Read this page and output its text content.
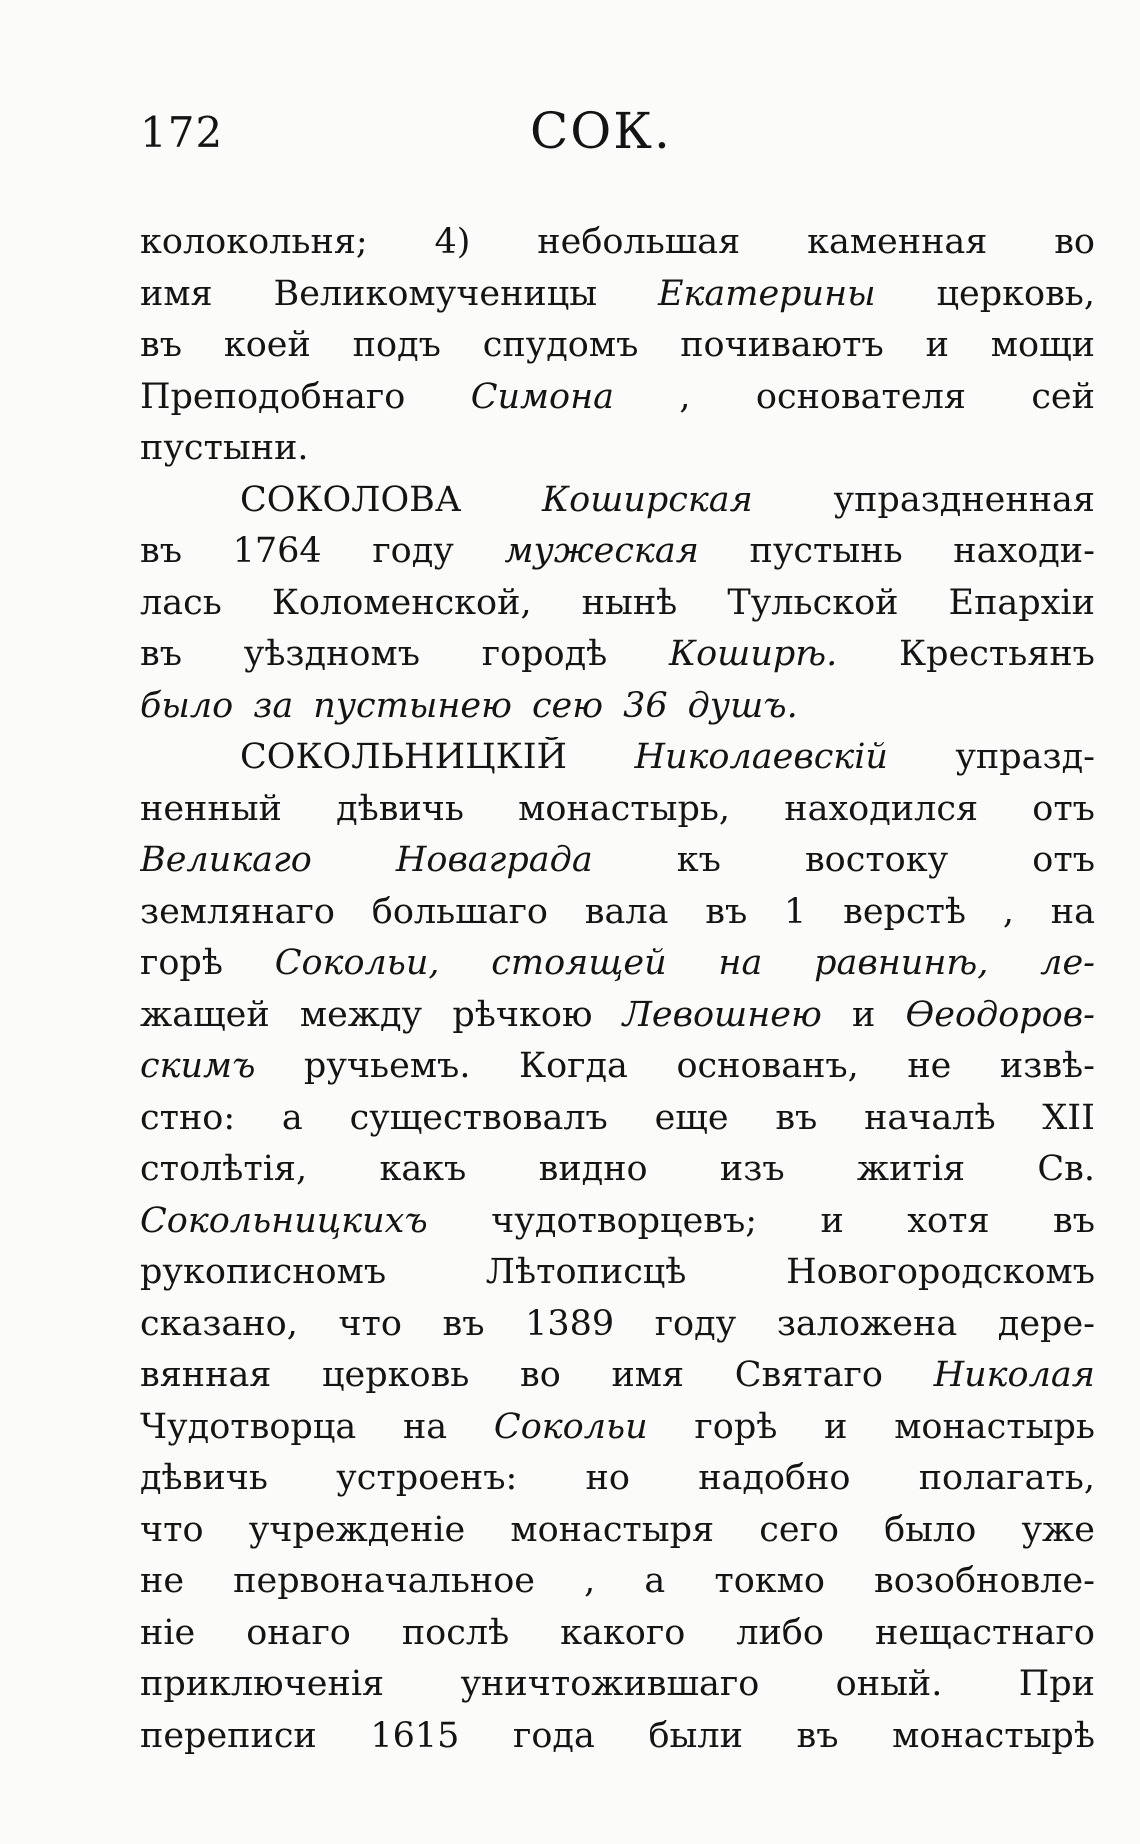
172	СОК.
колокольня; 4) небольшая каменная во
имя Великомученицы Екатерины церковь,
въ коей подъ спудомъ почиваютъ и мощи
Преподобнаго Симона , основателя сей
пустыни.
СОКОЛОВА Коширская упраздненная
въ 1764 году мужеская пустынь находи-
лась Коломенской, нынѣ Тульской Епархіи
въ уѣздномъ городѣ Коширѣ. Крестьянъ
было за пустынею сею 36 душъ.
СОКОЛЬНИЦКІЙ Николаевскій упразд-
ненный дѣвичь монастырь, находился отъ
Великаго Новаграда къ востоку отъ
землянаго большаго вала въ 1 верстѣ , на
горѣ Сокольи, стоящей на равнинѣ, ле-
жащей между рѣчкою Левошнею и Ѳеодоров-
скимъ ручьемъ. Когда основанъ, не извѣ-
стно: а существовалъ еще въ началѣ XII
столѣтія, какъ видно изъ житія Св.
Сокольницкихъ чудотворцевъ; и хотя въ
рукописномъ	Лѣтописцѣ	Новогородскомъ
сказано, что въ 1389 году заложена дере-
вянная церковь во имя Святаго Николая
Чудотворца на Сокольи горѣ и монастырь
дѣвичь устроенъ: но надобно полагать,
что учрежденіе монастыря сего было уже
не первоначальное , а токмо возобновле-
ніе онаго послѣ какого либо нещастнаго
приключенія уничтожившаго оный. При
переписи 1615 года были въ монастырѣ
